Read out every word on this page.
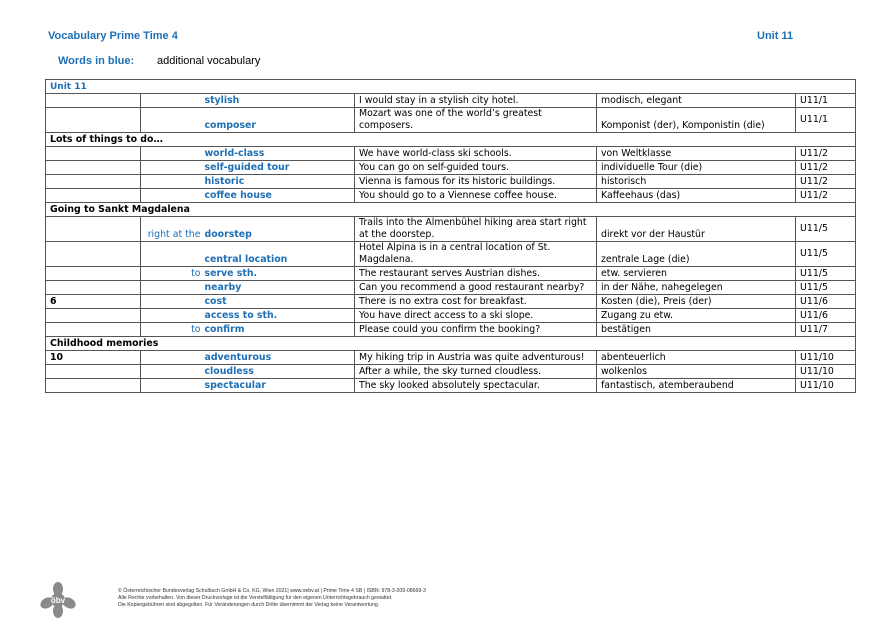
Vocabulary Prime Time 4	Unit 11
Words in blue: additional vocabulary
Unit 11					
		stylish	I would stay in a stylish city hotel.	modisch, elegant	U11/1
		composer	Mozart was one of the world’s greatest composers.	Komponist (der), Komponistin (die)	U11/1
Lots of things to do…					
		world-class	We have world-class ski schools.	von Weltklasse	U11/2
		self-guided tour	You can go on self-guided tours.	individuelle Tour (die)	U11/2
		historic	Vienna is famous for its historic buildings.	historisch	U11/2
		coffee house	You should go to a Viennese coffee house.	Kaffeehaus (das)	U11/2
Going to Sankt Magdalena					
	right at the	doorstep	Trails into the Almenbühel hiking area start right at the doorstep.	direkt vor der Haustür	U11/5
		central location	Hotel Alpina is in a central location of St. Magdalena.	zentrale Lage (die)	U11/5
	to	serve sth.	The restaurant serves Austrian dishes.	etw. servieren	U11/5
		nearby	Can you recommend a good restaurant nearby?	in der Nähe, nahegelegen	U11/5
6		cost	There is no extra cost for breakfast.	Kosten (die), Preis (der)	U11/6
		access to sth.	You have direct access to a ski slope.	Zugang zu etw.	U11/6
	to	confirm	Please could you confirm the booking?	bestätigen	U11/7
Childhood memories					
10		adventurous	My hiking trip in Austria was quite adventurous!	abenteuerlich	U11/10
		cloudless	After a while, the sky turned cloudless.	wolkenlos	U11/10
		spectacular	The sky looked absolutely spectacular.	fantastisch, atemberaubend	U11/10
öbv
© Österreichischer Bundesverlag Schulbuch GmbH & Co. KG, Wien 2021| www.oebv.at | Prime Time 4 SB | ISBN: 978-3-209-08669-3
Alle Rechte vorbehalten. Von dieser Druckvorlage ist die Vervielfältigung für den eigenen Unterrichtsgebrauch gestattet.
Die Kopiergebühren sind abgegolten. Für Veränderungen durch Dritte übernimmt der Verlag keine Verantwortung.
